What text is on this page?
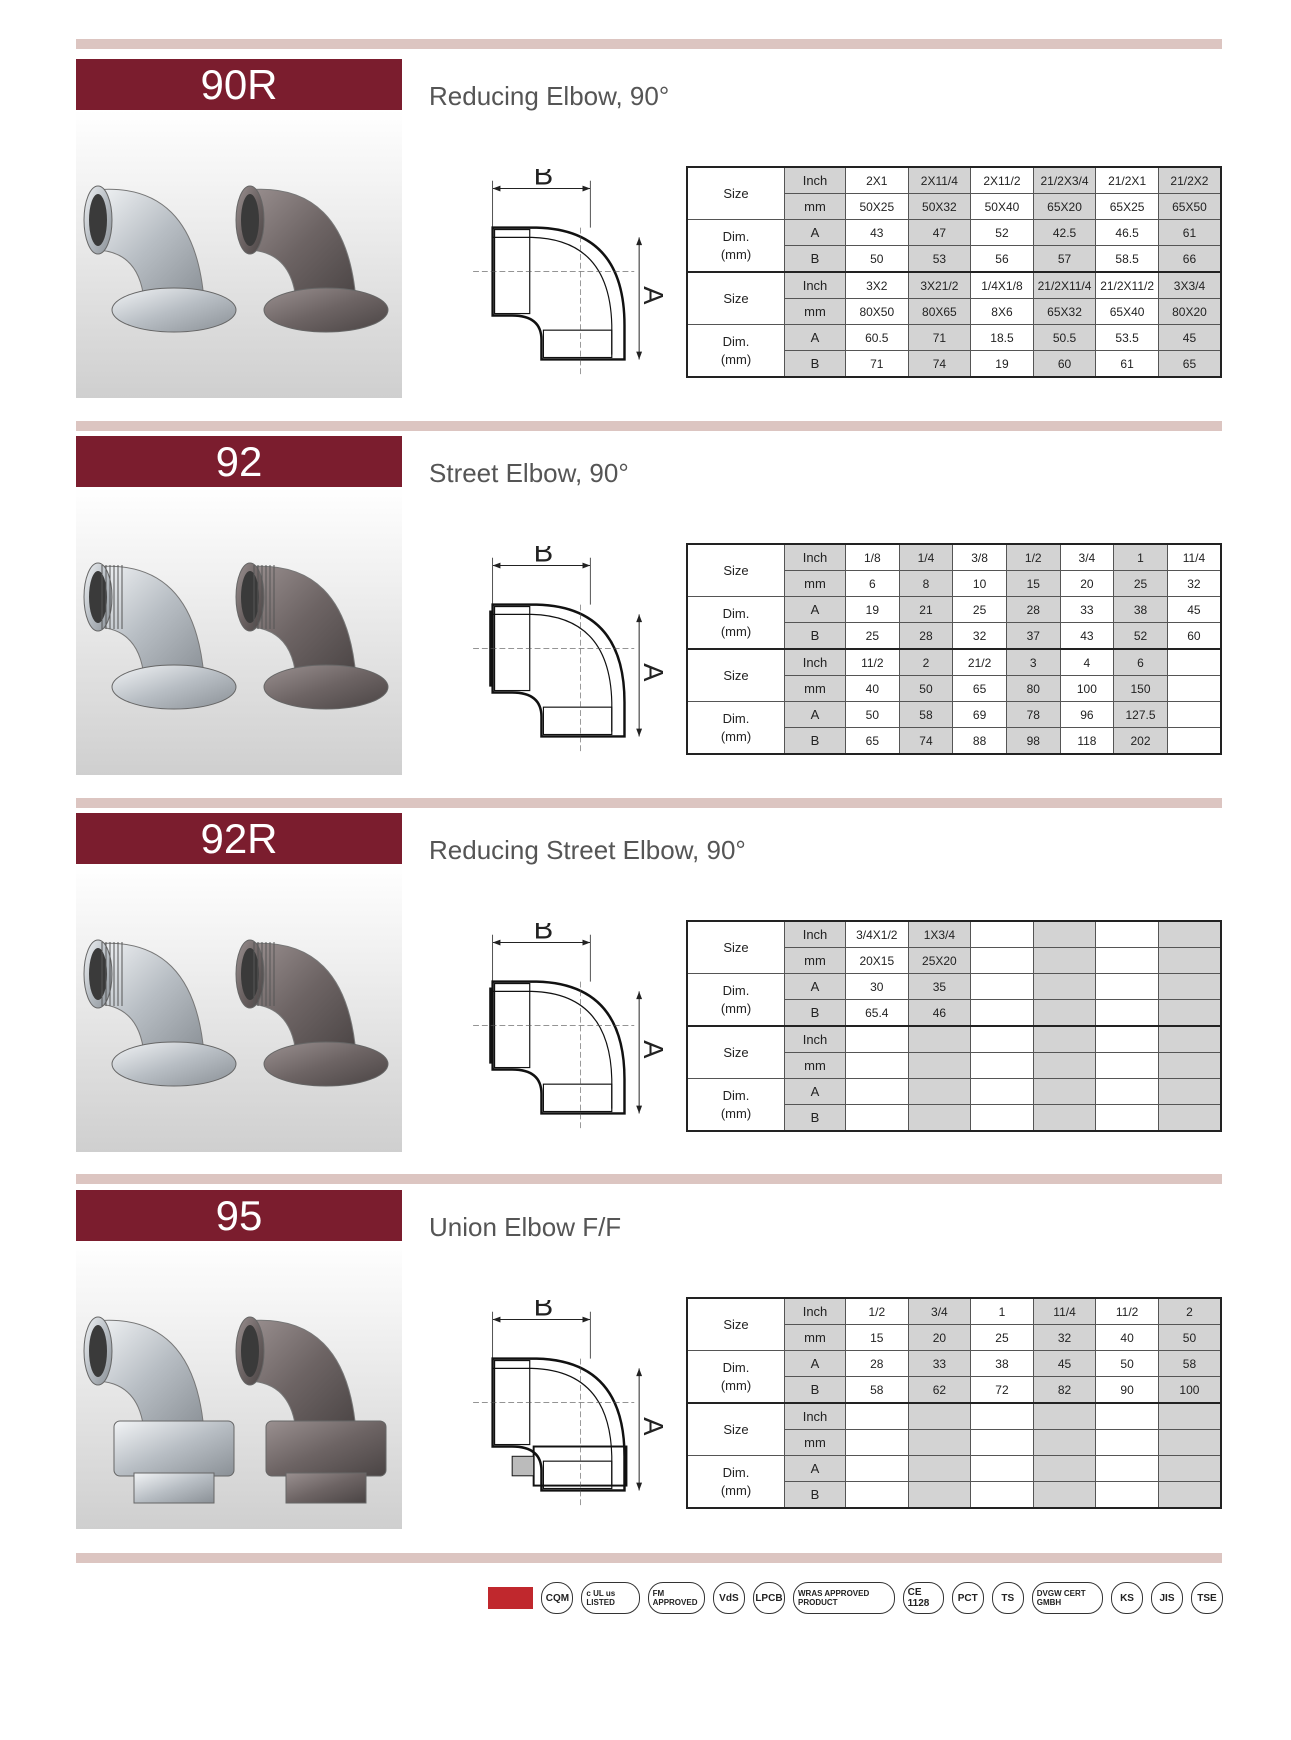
90R	Reducing Elbow, 90°
B
A
Size	Inch	2X1	2X11/4	2X11/2	21/2X3/4	21/2X1	21/2X2
	mm	50X25	50X32	50X40	65X20	65X25	65X50
Dim.
(mm)	A	43	47	52	42.5	46.5	61
	B	50	53	56	57	58.5	66
Size	Inch	3X2	3X21/2	1/4X1/8	21/2X11/4	21/2X11/2	3X3/4
	mm	80X50	80X65	8X6	65X32	65X40	80X20
Dim.
(mm)	A	60.5	71	18.5	50.5	53.5	45
	B	71	74	19	60	61	65
92	Street Elbow, 90°
B
A
Size	Inch	1/8	1/4	3/8	1/2	3/4	1	11/4
	mm	6	8	10	15	20	25	32
Dim.
(mm)	A	19	21	25	28	33	38	45
	B	25	28	32	37	43	52	60
Size	Inch	11/2	2	21/2	3	4	6	
	mm	40	50	65	80	100	150	
Dim.
(mm)	A	50	58	69	78	96	127.5	
	B	65	74	88	98	118	202	
92R	Reducing Street Elbow, 90°
B
A
Size	Inch	3/4X1/2	1X3/4				
	mm	20X15	25X20				
Dim.
(mm)	A	30	35				
	B	65.4	46				
Size	Inch						
	mm						
Dim.
(mm)	A						
	B						
95	Union Elbow F/F
B
A
Size	Inch	1/2	3/4	1	11/4	11/2	2
	mm	15	20	25	32	40	50
Dim.
(mm)	A	28	33	38	45	50	58
	B	58	62	72	82	90	100
Size	Inch						
	mm						
Dim.
(mm)	A						
	B						
CQM	c UL us LISTED
FM APPROVED	VdS	LPCB	WRAS APPROVED PRODUCT
CE 1128	PCT	TS	DVGW CERT GMBH	KS	JIS	TSE
